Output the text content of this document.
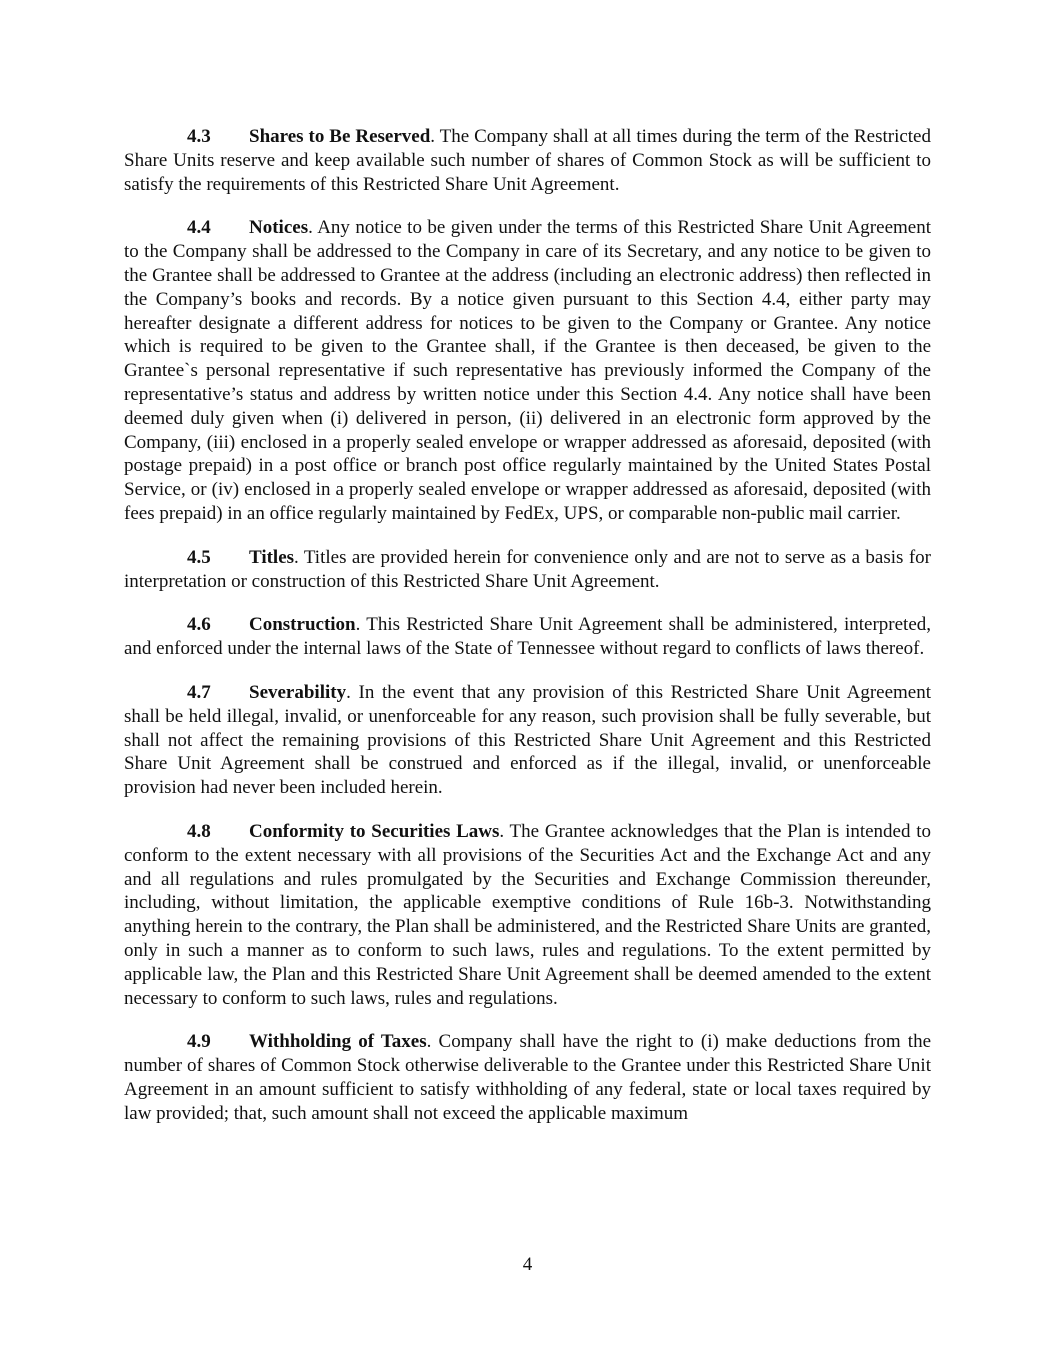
4.3 Shares to Be Reserved. The Company shall at all times during the term of the Restricted Share Units reserve and keep available such number of shares of Common Stock as will be sufficient to satisfy the requirements of this Restricted Share Unit Agreement.

4.4 Notices. Any notice to be given under the terms of this Restricted Share Unit Agreement to the Company shall be addressed to the Company in care of its Secretary, and any notice to be given to the Grantee shall be addressed to Grantee at the address (including an electronic address) then reflected in the Company’s books and records. By a notice given pursuant to this Section 4.4, either party may hereafter designate a different address for notices to be given to the Company or Grantee. Any notice which is required to be given to the Grantee shall, if the Grantee is then deceased, be given to the Grantee`s personal representative if such representative has previously informed the Company of the representative’s status and address by written notice under this Section 4.4. Any notice shall have been deemed duly given when (i) delivered in person, (ii) delivered in an electronic form approved by the Company, (iii) enclosed in a properly sealed envelope or wrapper addressed as aforesaid, deposited (with postage prepaid) in a post office or branch post office regularly maintained by the United States Postal Service, or (iv) enclosed in a properly sealed envelope or wrapper addressed as aforesaid, deposited (with fees prepaid) in an office regularly maintained by FedEx, UPS, or comparable non-public mail carrier.

4.5 Titles. Titles are provided herein for convenience only and are not to serve as a basis for interpretation or construction of this Restricted Share Unit Agreement.

4.6 Construction. This Restricted Share Unit Agreement shall be administered, interpreted, and enforced under the internal laws of the State of Tennessee without regard to conflicts of laws thereof.

4.7 Severability. In the event that any provision of this Restricted Share Unit Agreement shall be held illegal, invalid, or unenforceable for any reason, such provision shall be fully severable, but shall not affect the remaining provisions of this Restricted Share Unit Agreement and this Restricted Share Unit Agreement shall be construed and enforced as if the illegal, invalid, or unenforceable provision had never been included herein.

4.8 Conformity to Securities Laws. The Grantee acknowledges that the Plan is intended to conform to the extent necessary with all provisions of the Securities Act and the Exchange Act and any and all regulations and rules promulgated by the Securities and Exchange Commission thereunder, including, without limitation, the applicable exemptive conditions of Rule 16b-3. Notwithstanding anything herein to the contrary, the Plan shall be administered, and the Restricted Share Units are granted, only in such a manner as to conform to such laws, rules and regulations. To the extent permitted by applicable law, the Plan and this Restricted Share Unit Agreement shall be deemed amended to the extent necessary to conform to such laws, rules and regulations.

4.9 Withholding of Taxes. Company shall have the right to (i) make deductions from the number of shares of Common Stock otherwise deliverable to the Grantee under this Restricted Share Unit Agreement in an amount sufficient to satisfy withholding of any federal, state or local taxes required by law provided; that, such amount shall not exceed the applicable maximum

4
